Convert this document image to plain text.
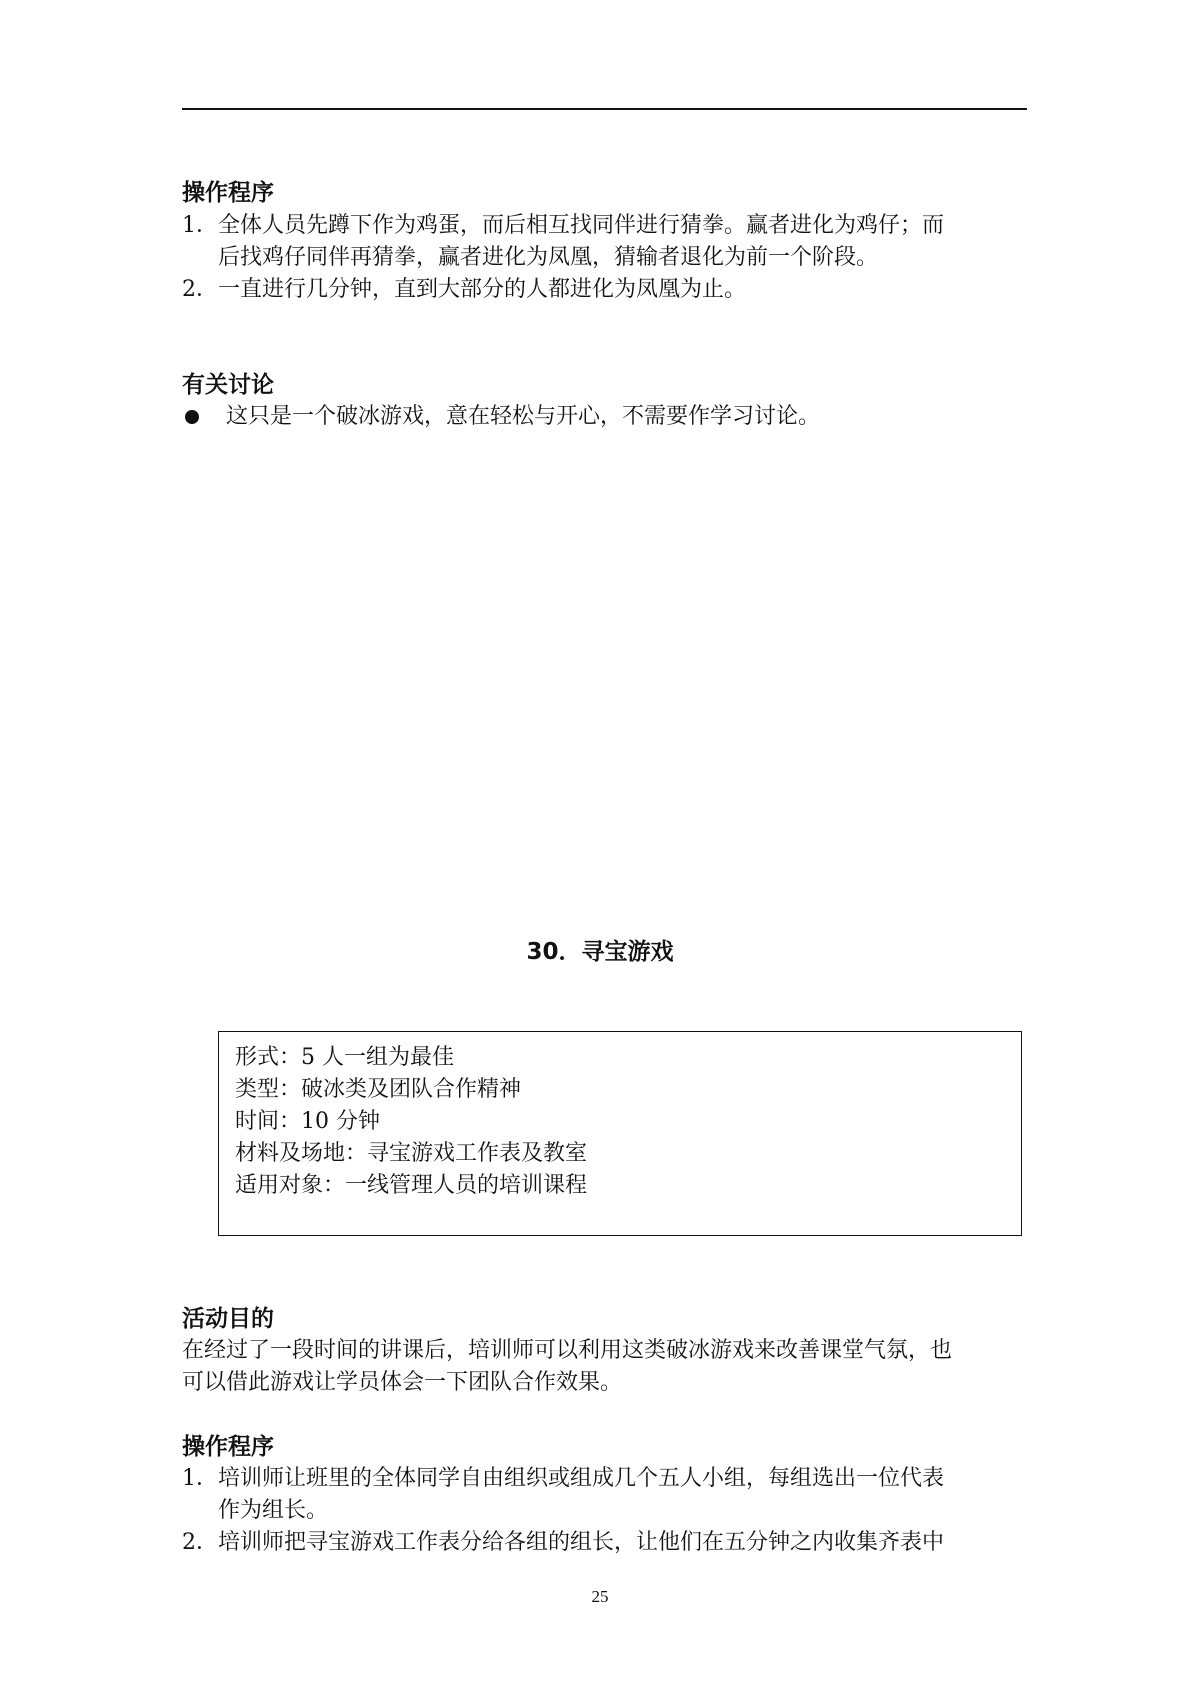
操作程序
1． 全体人员先蹲下作为鸡蛋，而后相互找同伴进行猜拳。赢者进化为鸡仔；而
后找鸡仔同伴再猜拳，赢者进化为凤凰，猜输者退化为前一个阶段。
2． 一直进行几分钟，直到大部分的人都进化为凤凰为止。
有关讨论
这只是一个破冰游戏，意在轻松与开心，不需要作学习讨论。
30．寻宝游戏
形式：5 人一组为最佳
类型：破冰类及团队合作精神
时间：10 分钟
材料及场地：寻宝游戏工作表及教室
适用对象：一线管理人员的培训课程
活动目的

在经过了一段时间的讲课后，培训师可以利用这类破冰游戏来改善课堂气氛，也

可以借此游戏让学员体会一下团队合作效果。

操作程序
1． 培训师让班里的全体同学自由组织或组成几个五人小组，每组选出一位代表
作为组长。
2． 培训师把寻宝游戏工作表分给各组的组长，让他们在五分钟之内收集齐表中

25
